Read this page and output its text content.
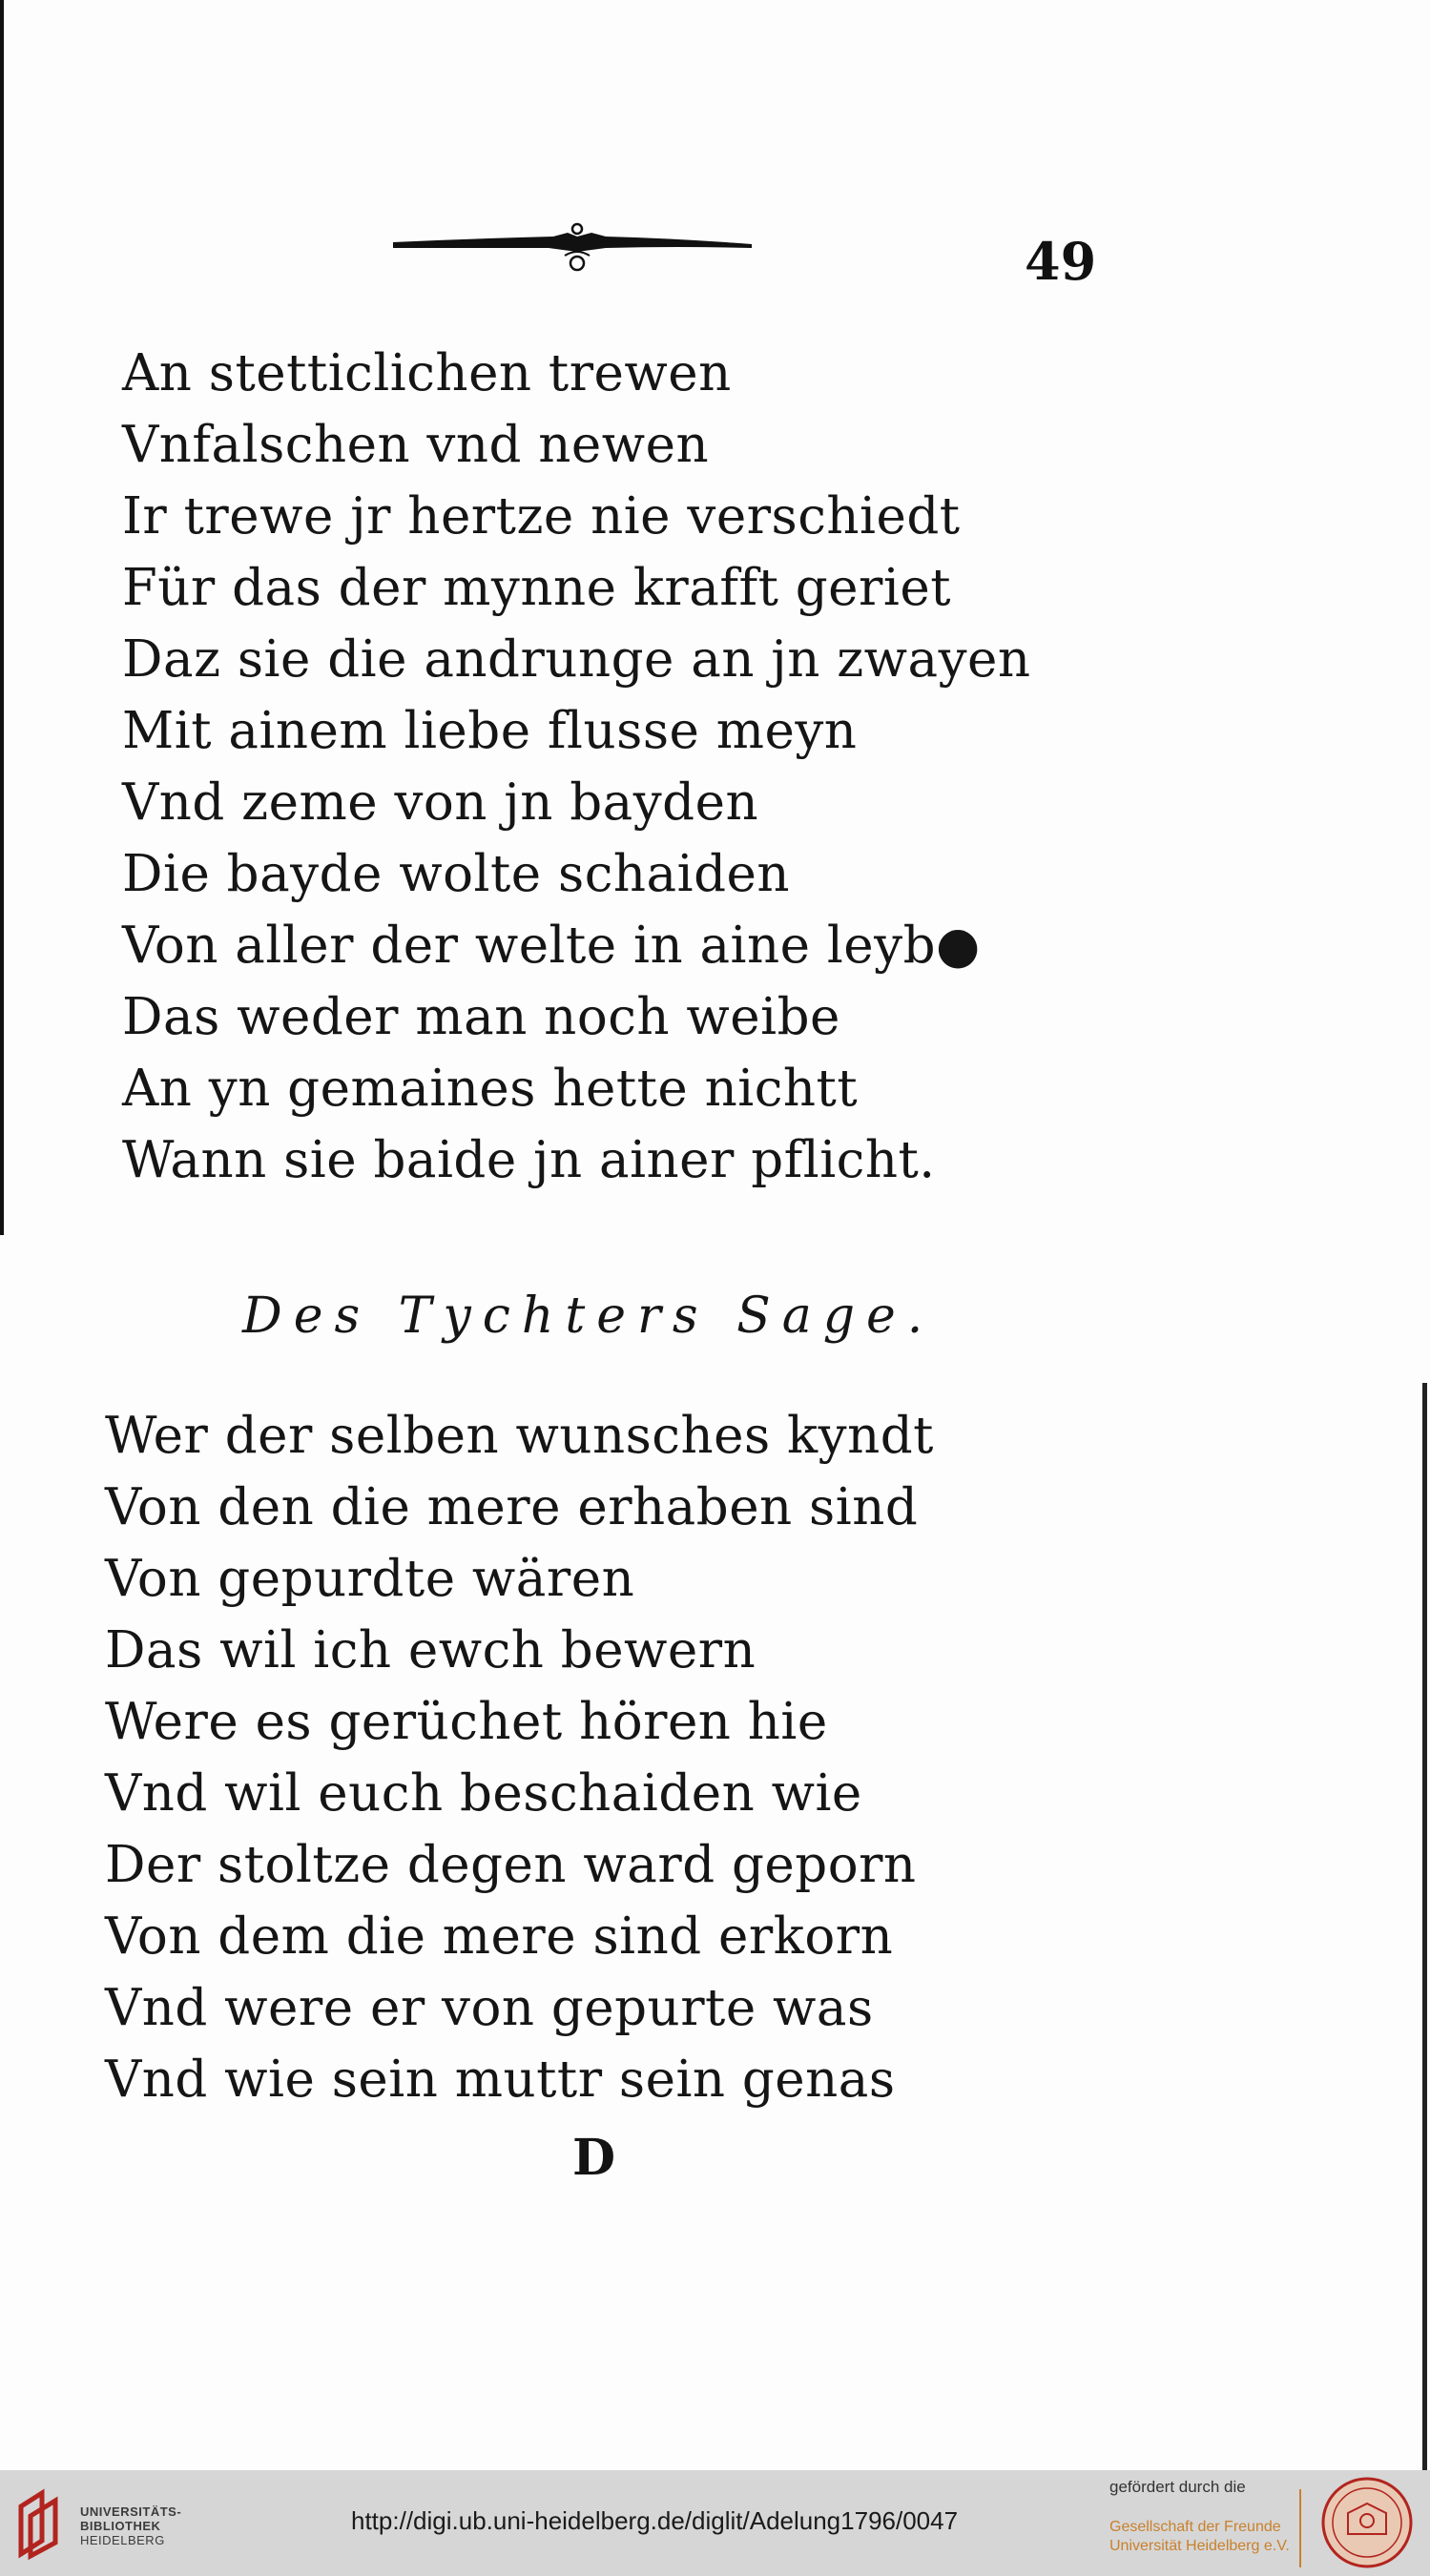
49
An stetticlichen trewen
Vnfalschen vnd newen
Ir trewe jr hertze nie verschiedt
Für das der mynne krafft geriet
Daz sie die andrunge an jn zwayen
Mit ainem liebe flusse meyn
Vnd zeme von jn bayden
Die bayde wolte schaiden
Von aller der welte in aine leyb●
Das weder man noch weibe
An yn gemaines hette nichtt
Wann sie baide jn ainer pflicht.
Des Tychters Sage.
Wer der selben wunsches kyndt
Von den die mere erhaben sind
Von gepurdte wären
Das wil ich ewch bewern
Were es gerüchet hören hie
Vnd wil euch beschaiden wie
Der stoltze degen ward geporn
Von dem die mere sind erkorn
Vnd were er von gepurte was
Vnd wie sein muttr sein genas
D
UNIVERSITÄTS-
BIBLIOTHEK
HEIDELBERG
http://digi.ub.uni-heidelberg.de/diglit/Adelung1796/0047
gefördert durch die
Gesellschaft der Freunde
Universität Heidelberg e.V.
